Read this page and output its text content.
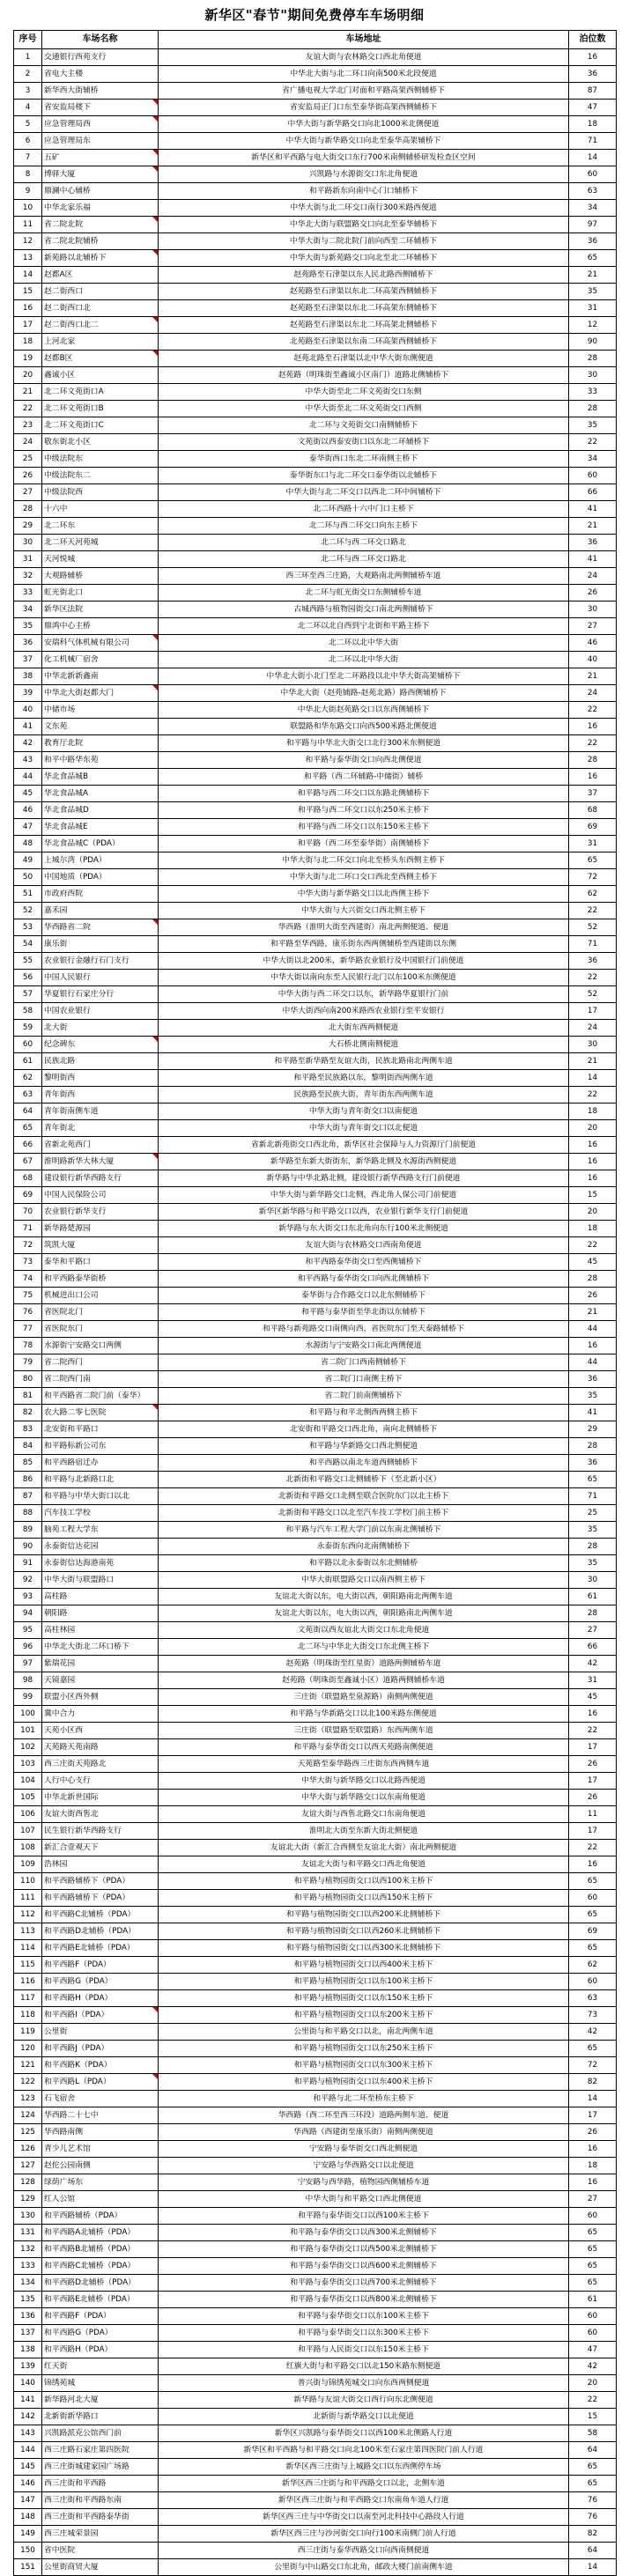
新华区"春节"期间免费停车车场明细
序号	车场名称	车场地址	泊位数
1	交通银行西苑支行	友谊大街与农林路交口西北角便道	16
2	省电大主楼	中华北大街与北二环口向南500米北段便道	36
3	新华西大街辅桥	省广播电视大学北门对面和平路高架西侧辅桥下	87
4	省安监局楼下	省安监局正门口东至泰华街高架西侧辅桥下	47
5	应急管理局西	中华大街与新华路交口向北1000米北侧便道	18
6	应急管理局东	中华大街与新华路交口向北至泰华高架辅桥下	71
7	五矿	新华区和平西路与电大街交口东行700米南侧辅桥研发检查区空间	14
8	博驿大厦	兴凯路与水源街交口东北角便道	60
9	鼎澜中心辅桥	和平路新东向南中心门口辅桥下	63
10	中华北家乐福	中华大街与北二环交口南行300米路西便道	34
11	省二院北院	中华北大街与联盟路交口向北至泰华辅桥下	97
12	省二院北院辅桥	中华大街与二院北院门前向西至二环辅桥下	36
13	新苑路以北辅桥下	中华大街与新苑路交口向北至北二环辅桥下	65
14	赵都A区	赵苑路至石津渠以东人民北路西侧辅桥下	21
15	赵二街西口	赵苑路至石津渠以东北二环高架西侧辅桥下	35
16	赵二街西口北	赵苑路至石津渠以东北二环高架东侧辅桥下	31
17	赵二街西口北二	赵苑路至石津渠以东北二环高架北侧辅桥下	12
18	上河北家	北苑路至石津渠以东南二环高架西侧辅桥下	90
19	赵都B区	赵苑北路至石津渠以北中华大街东侧便道	28
20	鑫诚小区	赵苑路（明珠街至鑫诚小区南门）道路北侧辅桥下	30
21	北二环文苑街口A	中华大街至北二环文苑街交口东侧	33
22	北二环文苑街口B	中华大街至北二环文苑街交口西侧	28
23	北二环文苑街口C	北二环与文苑街交口南侧辅桥下	35
24	敬东街北小区	文苑街以西泰安街口以东北二环辅桥下	22
25	中级法院东	泰华街西口东北二环南侧主桥下	34
26	中级法院东二	泰华街东口与北二环交口泰华街以北辅桥下	60
27	中级法院西	中华大街与北二环交口以西北二环中间辅桥下	66
28	十六中	北二环西路十六中门口主桥下	41
29	北二环东	北二环与西二环交口向东主桥下	21
30	北二环天河苑城	北二环与西二环交口路北	36
31	天河悦城	北二环与西二环交口路北	41
32	大观路辅桥	西三环至西三庄路，大观路南北两侧辅桥车道	24
33	虹光街北口	北二环与虹光街交口东侧辅桥车道	26
34	新华区法院	古城西路与植物园街交口南北两侧辅桥下	30
35	鼎鸿中心主桥	北二环以北自西到宁北街和平路主桥下	27
36	安瑞科气体机械有限公司	北二环以北中华大街	46
37	化工机械厂宿舍	北二环以北中华大街	40
38	中华北新新鑫南	中华北大街小北门至北二环路段以北中华大街高架辅桥下	21
39	中华北大街赵都大门	中华北大街（赵苑铺路-赵苑北路）路西侧辅桥下	24
40	中储市场	中华北大街赵苑路交口以东西侧辅桥下	22
41	文东苑	联盟路和华东路交口向西500米路北侧便道	16
42	教育厅北院	和平路与中华北大街交口北行300米东侧便道	22
43	和平中路华东苑	和平路与泰华街交口向西北侧便道	28
44	华北食品城B	和平路（西二环辅路-中储街）辅桥	16
45	华北食品城A	和平路与西二环交口以东路北侧辅桥下	37
46	华北食品城D	和平路与西二环交口以东250米主桥下	68
47	华北食品城E	和平路与西二环交口以东150米主桥下	69
48	华北食品城C（PDA）	和平路（西二环至泰华街）南侧辅桥下	31
49	上城尔湾（PDA）	中华大街与北二环交口向北至桥头东西侧主桥下	65
50	中国地质（PDA）	中华大街与北二环口交口西北至西侧主桥下	72
51	市政府西院	中华大街与新华路交口以北西侧主桥下	62
52	嘉禾园	中华大街与大兴街交口西北侧主桥下	22
53	华西路省二院	华西路（淮明大街至西建街）南北两侧便道、便道	52
54	康乐街	和平路至华西路，康乐街东西两侧辅桥至西建街以东侧	71
55	农业银行金融行石门支行	中华大街以北200米，新华路农业银行及中国银行门前便道	36
56	中国人民银行	中华大街以南向东至人民银行北门以东100米东侧便道	22
57	华夏银行石家庄分行	中华大街与西二环交口以东，新华路华夏银行门前	52
58	中国农业银行	中华大街西向南200米路西农业银行至平安银行	17
59	北大街	北大街东西两侧便道	24
60	纪念碑东	大石桥北侧南侧便道	30
61	民族北路	和平路至新华路至友谊大街，民族北路南北两侧车道	21
62	黎明街西	和平路至民族路以东，黎明街西两侧车道	14
63	青年街西	民族路至民族大街，青年街东西两侧车道	22
64	青年街南侧车道	中华大街与青年街交口以南便道	18
65	青年街北	中华大街与青年街交口以北便道	20
66	省新北苑西门	省新北新苑街交口西北角，新华区社会保障与人力资源厅门前便道	16
67	淮明路新华大林大厦	新华路至东新大街街东，新华路北侧及水源街西侧便道	16
68	建设银行新华西路支行	新华路与中华北路北侧，建设银行新华西路支行门前便道	16
69	中国人民保险公司	中华大街与新华路交口北侧，西北角人保公司门前便道	15
70	农业银行新华支行	新华区新华路与和平路交口以西，农业银行新华支行门前便道	20
71	新华路楚源园	新华路与东大街交口东北角向东行100米北侧便道	18
72	筑凯大厦	友谊大街与农林路交口西南角便道	22
73	泰华和平路口	和平西路泰华街交口至西侧辅桥下	45
74	和平西路泰华街桥	和平西路与泰华街交口向西北侧辅桥下	28
75	机械进出口公司	泰华街与合作路交口以北东侧辅桥下	26
76	省医院北门	和平路与泰华街至华北街以东辅桥下	21
77	省医院东门	和平路与新苑路交口南侧向西，省医院东门至天泰路辅桥下	44
78	水源街宁安路交口两侧	水源街与宁安路交口南北两侧便道	16
79	省二院西门	省二院门口西南侧辅桥下	44
80	省二院西门南	省二院门口南侧主桥下	36
81	和平西路省二院门前（泰华）	省二院门前南侧辅桥下	35
82	农大路二零七医院	和平路与和平北侧西两侧主桥下	41
83	北安街和平路口	北安街和平路交口西北角，南向北侧辅桥下	29
84	和平路标新公司东	和平路与华新路交口西北侧便道	28
85	和平西路宿迁办	和平西路以南北车道西侧辅桥下	36
86	和平路与北新路口北	北新街和平路交口北侧辅桥下（至北新小区）	65
87	和平路与中华大街口以北	北新街和平路交口北侧至联合医院东门以北主桥下	71
88	汽车技工学校	北新街和平路交口以北至汽车技工学校门前主桥下	25
89	脑苑工程大学东	和平路与汽车工程大学门前以东南北侧辅桥下	35
90	永泰街信达花园	永泰街东西向北南侧辅桥下	28
91	永泰街信达海港南苑	和平路以北永泰街以东北侧辅桥	35
92	中华大街与联盟路口	中华大街联盟路交口以南西侧主桥下	30
93	高柱路	友谊北大街以东，电大街以西，朝阳路南北两侧车道	61
94	朝阳路	友谊北大街以东，电大街以西，朝阳路南北两侧车道	28
95	高柱林园	文苑街以西友谊北大街交口东北角便道	27
96	中华北大街北二环口桥下	北二环与中华北大街交口东北侧主桥下	66
97	紫瑞花园	赵苑路（明珠街至红星街）道路两侧辅桥车道	42
98	天镜嘉园	赵苑路（明珠街至鑫诚小区）道路两侧辅桥车道	31
99	联盟小区西外侧	三庄街（联盟路至泉源路）南侧两侧便道	45
100	冀中合力	和平路与华新路交口以北100米路东侧便道	16
101	天苑小区西	三庄街（联盟路至联盟路）东西两侧车道	22
102	天苑路天苑南路	和平路与泰华街交口以西天苑路南侧便道	17
103	西三庄街天苑路北	天苑路至泰华路西三庄街东西两侧车道	26
104	人行中心支行	中华大街与新华路交口以北路西便道	17
105	中华北新世国际	中华大街与新华路交口以东南角便道	26
106	友谊大街西售北	友谊大街与西售北路交口东南角便道	11
107	民生银行新华西路支行	淮明北大街至东新大街北侧便道	17
108	新汇合壹观天下	友谊北大街（新汇合西侧至友谊北大街）南北两侧便道	22
109	浩林园	友谊北大街与和平路交口西北角便道	16
110	和平西路辅桥下（PDA）	和平路与植物园街交口以西100米主桥下	65
111	和平西路辅桥下（PDA）	和平路与植物园街交口以西150米主桥下	60
112	和平西路C北辅桥（PDA）	和平路与植物园街交口以西200米北侧辅桥下	65
113	和平西路D北辅桥（PDA）	和平路与植物园街交口以西260米北侧辅桥下	69
114	和平西路E北辅桥（PDA）	和平路与植物园街交口以西300米北侧辅桥下	65
115	和平西路F（PDA）	和平路与植物园街交口以西400米主桥下	62
116	和平西路G（PDA）	和平路与植物园街交口以东100米主桥下	60
117	和平西路H（PDA）	和平路与植物园街交口以东150米主桥下	63
118	和平西路I（PDA）	和平路与植物园街交口以东200米主桥下	73
119	公里街	公里街与和平路交口以北，南北两侧车道	42
120	和平西路J（PDA）	和平路与植物园街交口以东250米主桥下	65
121	和平西路K（PDA）	和平路与植物园街交口以东300米主桥下	72
122	和平西路L（PDA）	和平路与植物园街交口以东400米主桥下	82
123	石飞宿舍	和平路与北二环至桥东主桥下	14
124	华西路二十七中	华西路（西二环至西三环段）道路两侧车道、便道	17
125	华西路南侧	华西路（西建街至康乐街）南侧两侧便道	26
126	青少儿艺术馆	宁安路与泰华街交口西北侧便道	16
127	赵佗公园南侧	宁安路与华西路交口以北便道	18
128	绿荫广场东	宁安路与西华路，植物园西侧辅桥车道	16
129	红人公馆	中华大街与和平路交口西北侧便道	27
130	和平西路辅桥（PDA）	和平路与泰华街交口以西100米主桥下	60
131	和平西路A北辅桥（PDA）	和平路与泰华街交口以西300米北侧辅桥下	65
132	和平西路B北辅桥（PDA）	和平路与泰华街交口以西500米北侧辅桥下	65
133	和平西路C北辅桥（PDA）	和平路与泰华街交口以西600米北侧辅桥下	65
134	和平西路D北辅桥（PDA）	和平路与泰华街交口以西700米北侧辅桥下	65
135	和平西路E北辅桥（PDA）	和平路与泰华街交口以西800米北侧辅桥下	61
136	和平西路F（PDA）	和平路与泰华街交口以东100米主桥下	60
137	和平西路G（PDA）	和平路与泰华街交口以东300米主桥下	60
138	和平西路H（PDA）	和平路与人民街交口以东150米主桥下	47
139	红天街	红旗大街与和平路交口以北150米路东侧便道	42
140	锦绣苑城	普兴街与锦绣苑城交口向东西两侧便道	20
141	新华路河北大厦	新华路与友谊大街交口西行向东北侧便道	22
142	北新街新华路口	北新街与新华路交口以北便道	15
143	兴凯路派克公馆西门前	新华区兴凯路与泰华街交口以西100米北侧路人行道	58
144	西三庄路石家庄第四医院	新华区和平西路与和平路交口向北100米至石家庄第四医院门前人行道	64
145	西三庄街城建家园广场路	新华区西三庄街与上城路交口以东西侧停车场	65
146	西三庄街和平西路	新华区西三庄街与和平西路交口以北，北侧车道	65
147	西三庄街和平西路东南	新华区西三庄街与和平西路交口东南角车道人行道	76
148	西三庄街和平西路泰华街	新华区西三庄与中华街交口以南至河北科技中心路段人行道	76
149	西三庄城荣景园	新华区西三庄与沙河街交口向行100米南侧门前人行道	82
150	省中医院	西三庄街与泰华西路交口向西南侧便道	64
151	公里街商贸大厦	公里街与中山路交口东北角，邮政大楼门前南侧车道	14
